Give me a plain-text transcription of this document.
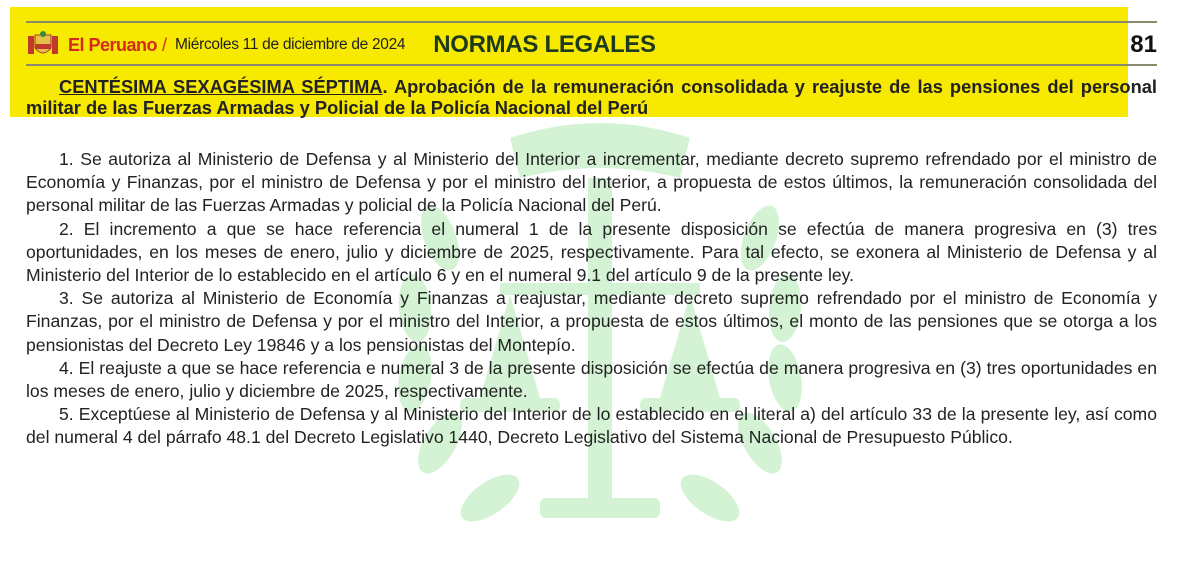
El Peruano / Miércoles 11 de diciembre de 2024 NORMAS LEGALES	81
CENTÉSIMA SEXAGÉSIMA SÉPTIMA. Aprobación de la remuneración consolidada y reajuste de las pensiones del personal militar de las Fuerzas Armadas y Policial de la Policía Nacional del Perú

1. Se autoriza al Ministerio de Defensa y al Ministerio del Interior a incrementar, mediante decreto supremo refrendado por el ministro de Economía y Finanzas, por el ministro de Defensa y por el ministro del Interior, a propuesta de estos últimos, la remuneración consolidada del personal militar de las Fuerzas Armadas y policial de la Policía Nacional del Perú.

2. El incremento a que se hace referencia el numeral 1 de la presente disposición se efectúa de manera progresiva en (3) tres oportunidades, en los meses de enero, julio y diciembre de 2025, respectivamente. Para tal efecto, se exonera al Ministerio de Defensa y al Ministerio del Interior de lo establecido en el artículo 6 y en el numeral 9.1 del artículo 9 de la presente ley.

3. Se autoriza al Ministerio de Economía y Finanzas a reajustar, mediante decreto supremo refrendado por el ministro de Economía y Finanzas, por el ministro de Defensa y por el ministro del Interior, a propuesta de estos últimos, el monto de las pensiones que se otorga a los pensionistas del Decreto Ley 19846 y a los pensionistas del Montepío.

4. El reajuste a que se hace referencia e numeral 3 de la presente disposición se efectúa de manera progresiva en (3) tres oportunidades en los meses de enero, julio y diciembre de 2025, respectivamente.

5. Exceptúese al Ministerio de Defensa y al Ministerio del Interior de lo establecido en el literal a) del artículo 33 de la presente ley, así como del numeral 4 del párrafo 48.1 del Decreto Legislativo 1440, Decreto Legislativo del Sistema Nacional de Presupuesto Público.
